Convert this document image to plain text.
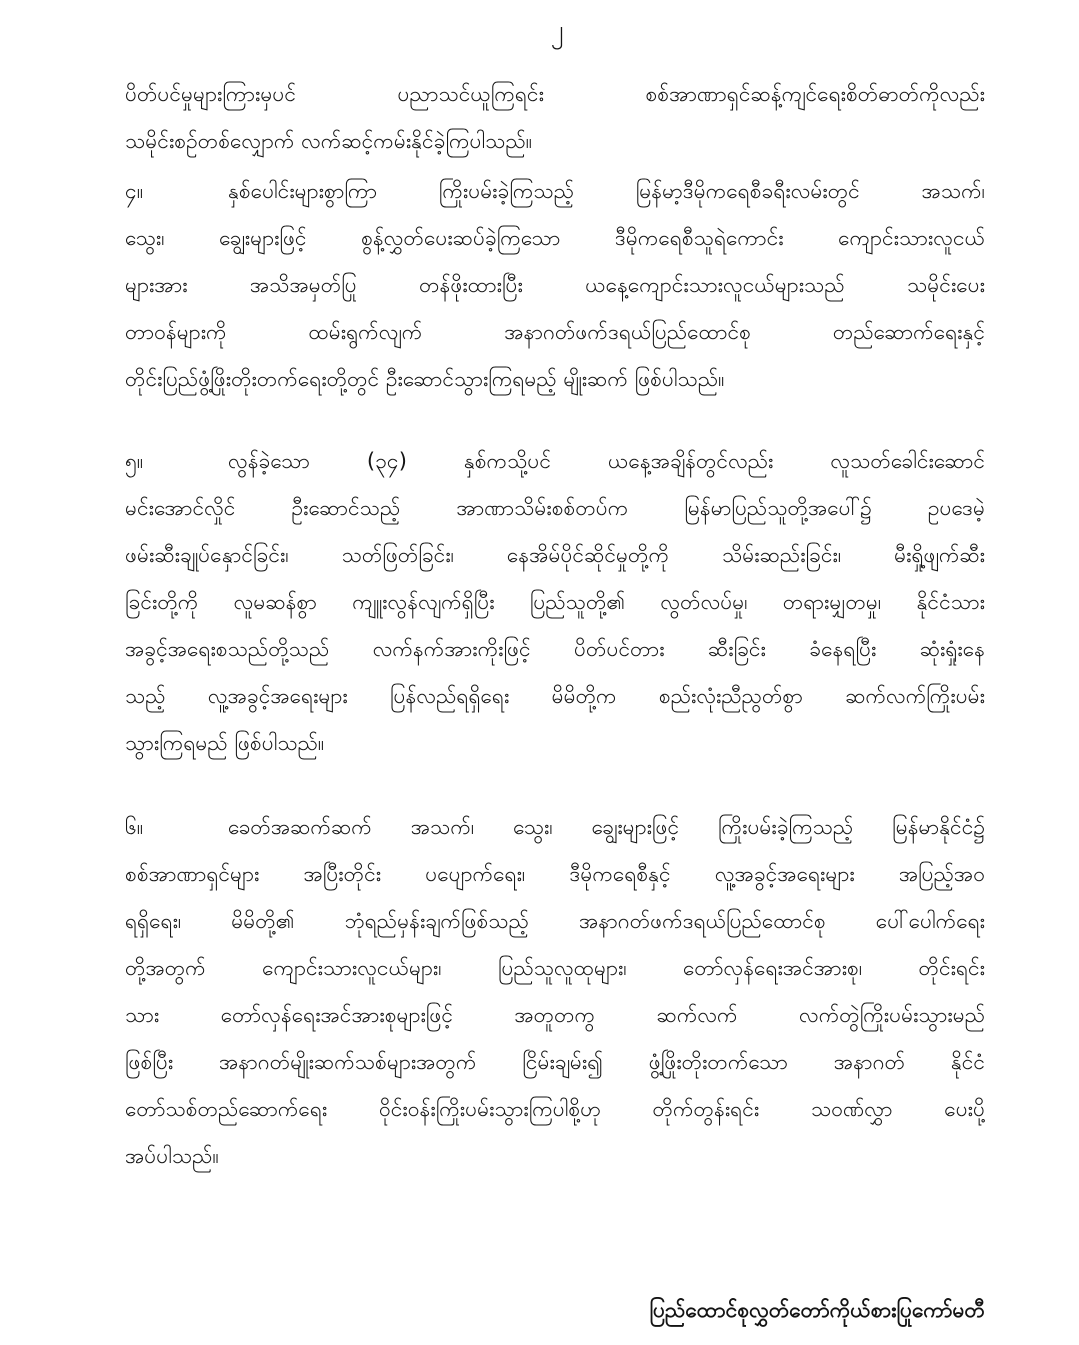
၂
ပိတ်ပင်မှုများကြားမှပင် ပညာသင်ယူကြရင်း စစ်အာဏာရှင်ဆန့်ကျင်ရေးစိတ်ဓာတ်ကိုလည်း
သမိုင်းစဉ်တစ်လျှောက် လက်ဆင့်ကမ်းနိုင်ခဲ့ကြပါသည်။
၄။	နှစ်ပေါင်းများစွာကြာ ကြိုးပမ်းခဲ့ကြသည့် မြန်မာ့ဒီမိုကရေစီခရီးလမ်းတွင် အသက်၊
သွေး၊ ချွေးများဖြင့် စွန့်လွှတ်ပေးဆပ်ခဲ့ကြသော ဒီမိုကရေစီသူရဲကောင်း ကျောင်းသားလူငယ်
များအား အသိအမှတ်ပြု တန်ဖိုးထားပြီး ယနေ့ကျောင်းသားလူငယ်များသည် သမိုင်းပေး
တာဝန်များကို ထမ်းရွက်လျက် အနာဂတ်ဖက်ဒရယ်ပြည်ထောင်စု တည်ဆောက်ရေးနှင့်
တိုင်းပြည်ဖွံ့ဖြိုးတိုးတက်ရေးတို့တွင် ဦးဆောင်သွားကြရမည့် မျိုးဆက် ဖြစ်ပါသည်။
၅။	လွန်ခဲ့သော (၃၄) နှစ်ကသို့ပင် ယနေ့အချိန်တွင်လည်း လူသတ်ခေါင်းဆောင်
မင်းအောင်လှိုင် ဦးဆောင်သည့် အာဏာသိမ်းစစ်တပ်က မြန်မာပြည်သူတို့အပေါ်၌ ဥပဒေမဲ့
ဖမ်းဆီးချုပ်နှောင်ခြင်း၊ သတ်ဖြတ်ခြင်း၊ နေအိမ်ပိုင်ဆိုင်မှုတို့ကို သိမ်းဆည်းခြင်း၊ မီးရှို့ဖျက်ဆီး
ခြင်းတို့ကို လူမဆန်စွာ ကျူးလွန်လျက်ရှိပြီး ပြည်သူတို့၏ လွတ်လပ်မှု၊ တရားမျှတမှု၊ နိုင်ငံသား
အခွင့်အရေးစသည်တို့သည် လက်နက်အားကိုးဖြင့် ပိတ်ပင်တား ဆီးခြင်း ခံနေရပြီး ဆုံးရှုံးနေ
သည့် လူ့အခွင့်အရေးများ ပြန်လည်ရရှိရေး မိမိတို့က စည်းလုံးညီညွတ်စွာ ဆက်လက်ကြိုးပမ်း
သွားကြရမည် ဖြစ်ပါသည်။
၆။	ခေတ်အဆက်ဆက် အသက်၊ သွေး၊ ချွေးများဖြင့် ကြိုးပမ်းခဲ့ကြသည့် မြန်မာနိုင်ငံ၌
စစ်အာဏာရှင်များ အပြီးတိုင်း ပပျောက်ရေး၊ ဒီမိုကရေစီနှင့် လူ့အခွင့်အရေးများ အပြည့်အဝ
ရရှိရေး၊ မိမိတို့၏ ဘုံရည်မှန်းချက်ဖြစ်သည့် အနာဂတ်ဖက်ဒရယ်ပြည်ထောင်စု ပေါ်ပေါက်ရေး
တို့အတွက် ကျောင်းသားလူငယ်များ၊ ပြည်သူလူထုများ၊ တော်လှန်ရေးအင်အားစု၊ တိုင်းရင်း
သား တော်လှန်ရေးအင်အားစုများဖြင့် အတူတကွ ဆက်လက် လက်တွဲကြိုးပမ်းသွားမည်
ဖြစ်ပြီး အနာဂတ်မျိုးဆက်သစ်များအတွက် ငြိမ်းချမ်း၍ ဖွံ့ဖြိုးတိုးတက်သော အနာဂတ် နိုင်ငံ
တော်သစ်တည်ဆောက်ရေး ဝိုင်းဝန်းကြိုးပမ်းသွားကြပါစို့ဟု တိုက်တွန်းရင်း သဝဏ်လွှာ ပေးပို့
အပ်ပါသည်။
ပြည်ထောင်စုလွှတ်တော်ကိုယ်စားပြုကော်မတီ
